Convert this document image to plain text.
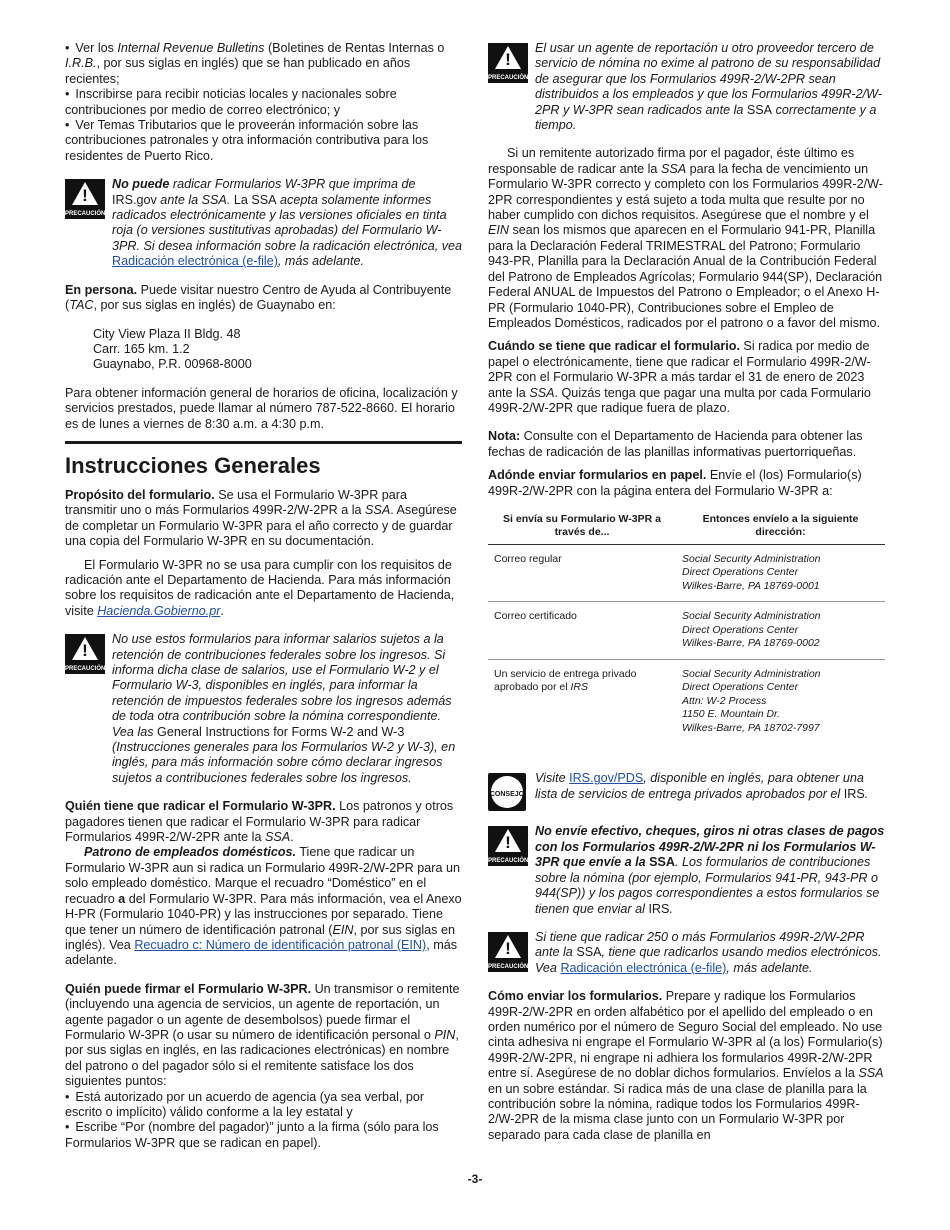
• Ver los Internal Revenue Bulletins (Boletines de Rentas Internas o I.R.B., por sus siglas en inglés) que se han publicado en años recientes;

• Inscribirse para recibir noticias locales y nacionales sobre contribuciones por medio de correo electrónico; y

• Ver Temas Tributarios que le proveerán información sobre las contribuciones patronales y otra información contributiva para los residentes de Puerto Rico.

!
PRECAUCIÓN

No puede radicar Formularios W-3PR que imprima de IRS.gov ante la SSA. La SSA acepta solamente informes radicados electrónicamente y las versiones oficiales en tinta roja (o versiones sustitutivas aprobadas) del Formulario W-3PR. Si desea información sobre la radicación electrónica, vea Radicación electrónica (e-file), más adelante.

En persona. Puede visitar nuestro Centro de Ayuda al Contribuyente (TAC, por sus siglas en inglés) de Guaynabo en:

City View Plaza II Bldg. 48

Carr. 165 km. 1.2

Guaynabo, P.R. 00968-8000

Para obtener información general de horarios de oficina, localización y servicios prestados, puede llamar al número 787-522-8660. El horario es de lunes a viernes de 8:30 a.m. a 4:30 p.m.

Instrucciones Generales

Propósito del formulario. Se usa el Formulario W-3PR para transmitir uno o más Formularios 499R-2/W-2PR a la SSA. Asegúrese de completar un Formulario W-3PR para el año correcto y de guardar una copia del Formulario W-3PR en su documentación.

El Formulario W-3PR no se usa para cumplir con los requisitos de radicación ante el Departamento de Hacienda. Para más información sobre los requisitos de radicación ante el Departamento de Hacienda, visite Hacienda.Gobierno.pr.

!
PRECAUCIÓN

No use estos formularios para informar salarios sujetos a la retención de contribuciones federales sobre los ingresos. Si informa dicha clase de salarios, use el Formulario W-2 y el Formulario W-3, disponibles en inglés, para informar la retención de impuestos federales sobre los ingresos además de toda otra contribución sobre la nómina correspondiente. Vea las General Instructions for Forms W-2 and W-3 (Instrucciones generales para los Formularios W-2 y W-3), en inglés, para más información sobre cómo declarar ingresos sujetos a contribuciones federales sobre los ingresos.

Quién tiene que radicar el Formulario W-3PR. Los patronos y otros pagadores tienen que radicar el Formulario W-3PR para radicar Formularios 499R-2/W-2PR ante la SSA.

Patrono de empleados domésticos. Tiene que radicar un Formulario W-3PR aun si radica un Formulario 499R-2/W-2PR para un solo empleado doméstico. Marque el recuadro “Doméstico” en el recuadro a del Formulario W-3PR. Para más información, vea el Anexo H-PR (Formulario 1040-PR) y las instrucciones por separado. Tiene que tener un número de identificación patronal (EIN, por sus siglas en inglés). Vea Recuadro c: Número de identificación patronal (EIN), más adelante.

Quién puede firmar el Formulario W-3PR. Un transmisor o remitente (incluyendo una agencia de servicios, un agente de reportación, un agente pagador o un agente de desembolsos) puede firmar el Formulario W-3PR (o usar su número de identificación personal o PIN, por sus siglas en inglés, en las radicaciones electrónicas) en nombre del patrono o del pagador sólo si el remitente satisface los dos siguientes puntos:

• Está autorizado por un acuerdo de agencia (ya sea verbal, por escrito o implícito) válido conforme a la ley estatal y

• Escribe “Por (nombre del pagador)” junto a la firma (sólo para los Formularios W-3PR que se radican en papel).

!
PRECAUCIÓN

El usar un agente de reportación u otro proveedor tercero de servicio de nómina no exime al patrono de su responsabilidad de asegurar que los Formularios 499R-2/W-2PR sean distribuidos a los empleados y que los Formularios 499R-2/W-2PR y W-3PR sean radicados ante la SSA correctamente y a tiempo.

Si un remitente autorizado firma por el pagador, éste último es responsable de radicar ante la SSA para la fecha de vencimiento un Formulario W-3PR correcto y completo con los Formularios 499R-2/W-2PR correspondientes y está sujeto a toda multa que resulte por no haber cumplido con dichos requisitos. Asegúrese que el nombre y el EIN sean los mismos que aparecen en el Formulario 941-PR, Planilla para la Declaración Federal TRIMESTRAL del Patrono; Formulario 943-PR, Planilla para la Declaración Anual de la Contribución Federal del Patrono de Empleados Agrícolas; Formulario 944(SP), Declaración Federal ANUAL de Impuestos del Patrono o Empleador; o el Anexo H-PR (Formulario 1040-PR), Contribuciones sobre el Empleo de Empleados Domésticos, radicados por el patrono o a favor del mismo.

Cuándo se tiene que radicar el formulario. Si radica por medio de papel o electrónicamente, tiene que radicar el Formulario 499R-2/W-2PR con el Formulario W-3PR a más tardar el 31 de enero de 2023 ante la SSA. Quizás tenga que pagar una multa por cada Formulario 499R-2/W-2PR que radique fuera de plazo.

Nota: Consulte con el Departamento de Hacienda para obtener las fechas de radicación de las planillas informativas puertorriqueñas.

Adónde enviar formularios en papel. Envíe el (los) Formulario(s) 499R-2/W-2PR con la página entera del Formulario W-3PR a:

Si envía su Formulario W-3PR a través de...	Entonces envíelo a la siguiente dirección:
Correo regular	Social Security Administration
Direct Operations Center
Wilkes-Barre, PA 18769-0001

Correo certificado	Social Security Administration
Direct Operations Center
Wilkes-Barre, PA 18769-0002

Un servicio de entrega privado aprobado por el IRS	Social Security Administration
Direct Operations Center
Attn: W-2 Process
1150 E. Mountain Dr.
Wilkes-Barre, PA 18702-7997
CONSEJO

Visite IRS.gov/PDS, disponible en inglés, para obtener una lista de servicios de entrega privados aprobados por el IRS.

!
PRECAUCIÓN

No envíe efectivo, cheques, giros ni otras clases de pagos con los Formularios 499R-2/W-2PR ni los Formularios W-3PR que envíe a la SSA. Los formularios de contribuciones sobre la nómina (por ejemplo, Formularios 941-PR, 943-PR o 944(SP)) y los pagos correspondientes a estos formularios se tienen que enviar al IRS.

!
PRECAUCIÓN

Si tiene que radicar 250 o más Formularios 499R-2/W-2PR ante la SSA, tiene que radicarlos usando medios electrónicos. Vea Radicación electrónica (e-file), más adelante.

Cómo enviar los formularios. Prepare y radique los Formularios 499R-2/W-2PR en orden alfabético por el apellido del empleado o en orden numérico por el número de Seguro Social del empleado. No use cinta adhesiva ni engrape el Formulario W-3PR al (a los) Formulario(s) 499R-2/W-2PR, ni engrape ni adhiera los formularios 499R-2/W-2PR entre sí. Asegúrese de no doblar dichos formularios. Envíelos a la SSA en un sobre estándar. Si radica más de una clase de planilla para la contribución sobre la nómina, radique todos los Formularios 499R-2/W-2PR de la misma clase junto con un Formulario W-3PR por separado para cada clase de planilla en

-3-
